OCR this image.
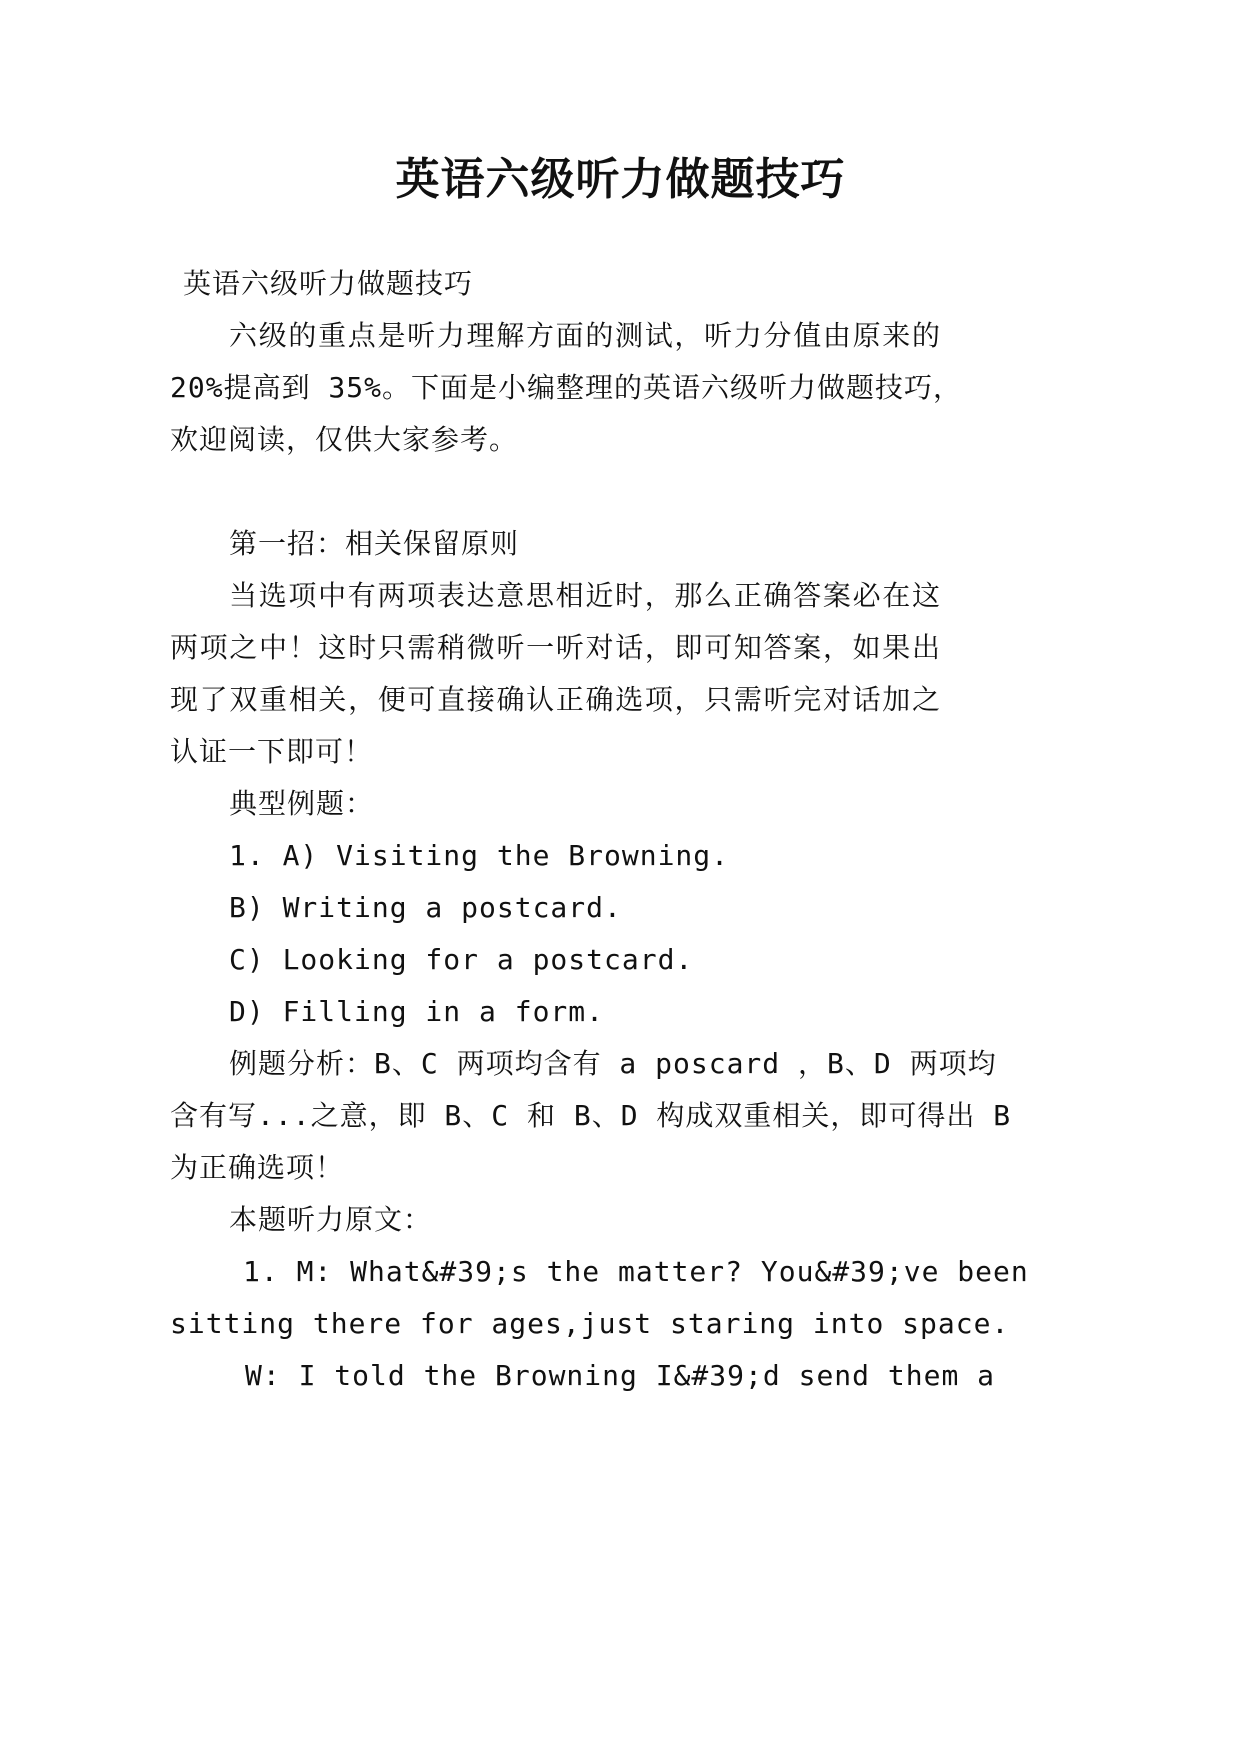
英语六级听力做题技巧
英语六级听力做题技巧
六级的重点是听力理解方面的测试，听力分值由原来的
20%提高到 35%。下面是小编整理的英语六级听力做题技巧，
欢迎阅读，仅供大家参考。
第一招：相关保留原则
当选项中有两项表达意思相近时，那么正确答案必在这
两项之中！这时只需稍微听一听对话，即可知答案，如果出
现了双重相关，便可直接确认正确选项，只需听完对话加之
认证一下即可！
典型例题：
1. A) Visiting the Browning.
B) Writing a postcard.
C) Looking for a postcard.
D) Filling in a form.
例题分析：B、C 两项均含有 a poscard ，B、D 两项均
含有写...之意，即 B、C 和 B、D 构成双重相关，即可得出 B
为正确选项！
本题听力原文：
1. M: What&#39;s the matter? You&#39;ve been
sitting there for ages,just staring into space.
W: I told the Browning I&#39;d send them a
